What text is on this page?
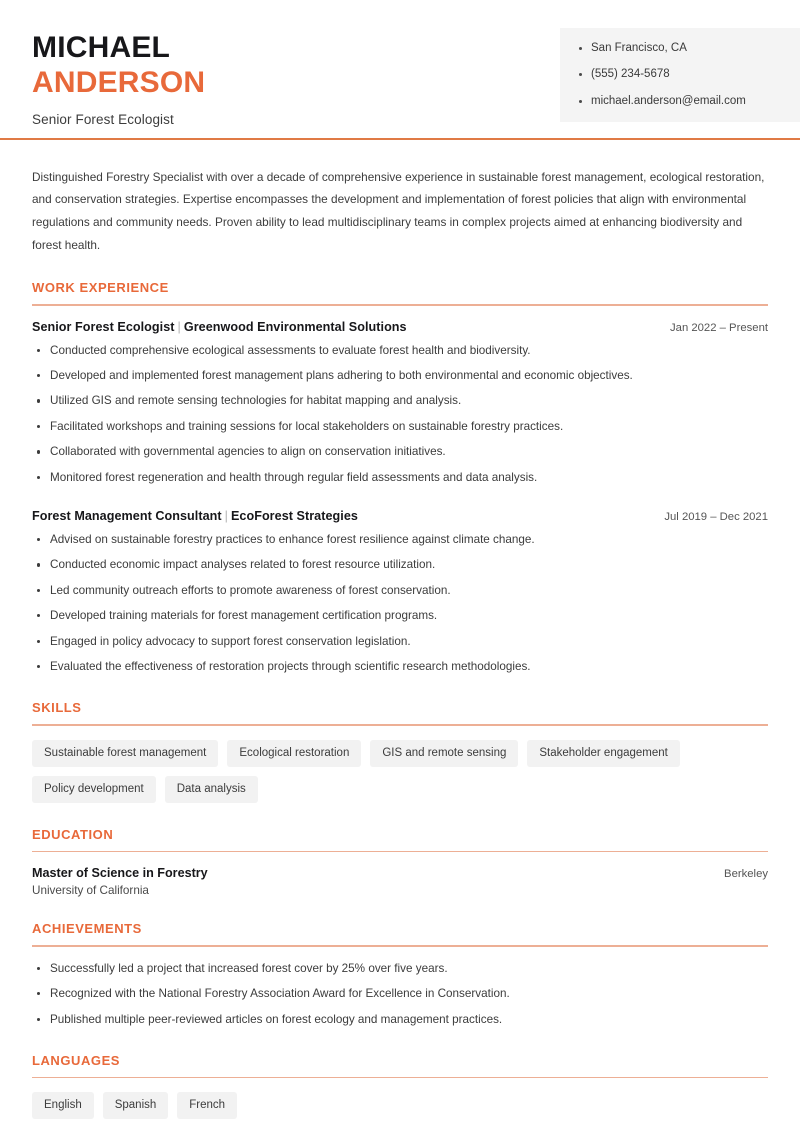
MICHAEL
ANDERSON
Senior Forest Ecologist
San Francisco, CA
(555) 234-5678
michael.anderson@email.com
Distinguished Forestry Specialist with over a decade of comprehensive experience in sustainable forest management, ecological restoration, and conservation strategies. Expertise encompasses the development and implementation of forest policies that align with environmental regulations and community needs. Proven ability to lead multidisciplinary teams in complex projects aimed at enhancing biodiversity and forest health.
WORK EXPERIENCE
Senior Forest Ecologist | Greenwood Environmental Solutions	Jan 2022 – Present
Conducted comprehensive ecological assessments to evaluate forest health and biodiversity.
Developed and implemented forest management plans adhering to both environmental and economic objectives.
Utilized GIS and remote sensing technologies for habitat mapping and analysis.
Facilitated workshops and training sessions for local stakeholders on sustainable forestry practices.
Collaborated with governmental agencies to align on conservation initiatives.
Monitored forest regeneration and health through regular field assessments and data analysis.
Forest Management Consultant | EcoForest Strategies	Jul 2019 – Dec 2021
Advised on sustainable forestry practices to enhance forest resilience against climate change.
Conducted economic impact analyses related to forest resource utilization.
Led community outreach efforts to promote awareness of forest conservation.
Developed training materials for forest management certification programs.
Engaged in policy advocacy to support forest conservation legislation.
Evaluated the effectiveness of restoration projects through scientific research methodologies.
SKILLS
Sustainable forest management	Ecological restoration	GIS and remote sensing	Stakeholder engagement
Policy development	Data analysis
EDUCATION
Master of Science in Forestry	Berkeley
University of California
ACHIEVEMENTS
Successfully led a project that increased forest cover by 25% over five years.
Recognized with the National Forestry Association Award for Excellence in Conservation.
Published multiple peer-reviewed articles on forest ecology and management practices.
LANGUAGES
English	Spanish	French
